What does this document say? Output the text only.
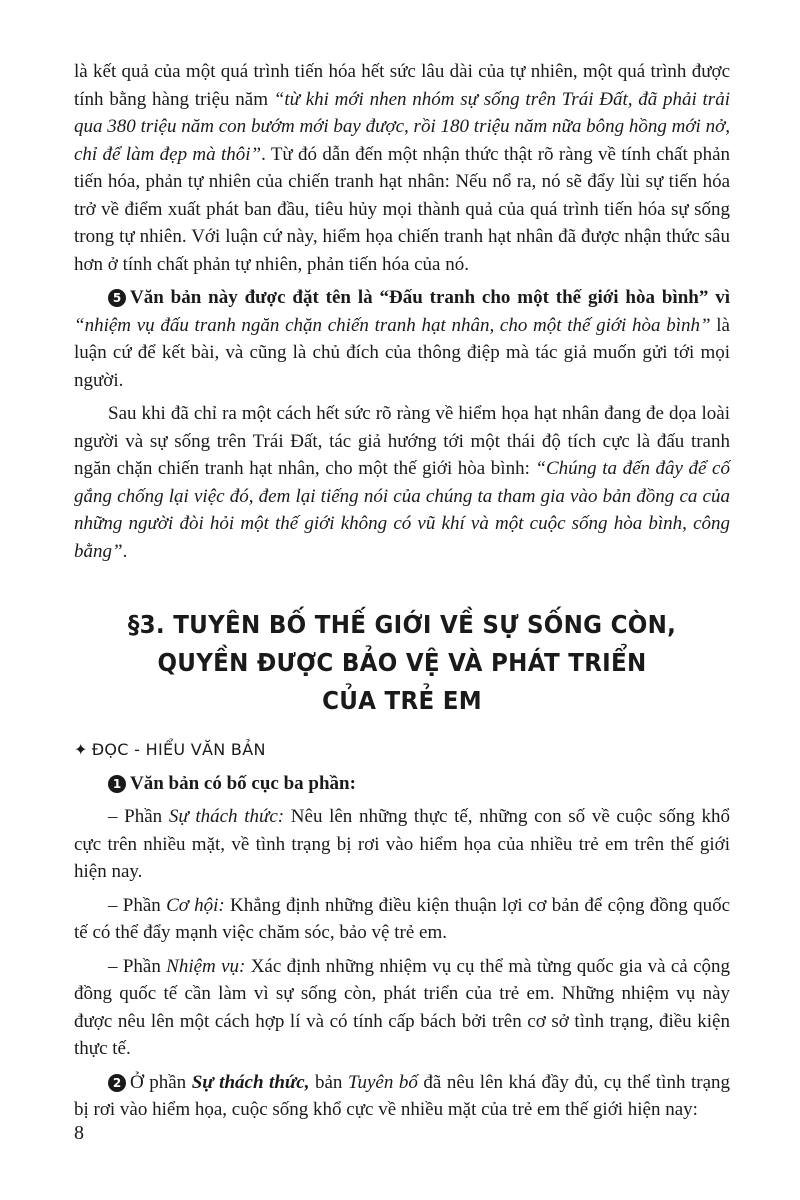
là kết quả của một quá trình tiến hóa hết sức lâu dài của tự nhiên, một quá trình được tính bằng hàng triệu năm “từ khi mới nhen nhóm sự sống trên Trái Đất, đã phải trải qua 380 triệu năm con bướm mới bay được, rồi 180 triệu năm nữa bông hồng mới nở, chỉ để làm đẹp mà thôi”. Từ đó dẫn đến một nhận thức thật rõ ràng về tính chất phản tiến hóa, phản tự nhiên của chiến tranh hạt nhân: Nếu nổ ra, nó sẽ đẩy lùi sự tiến hóa trở về điểm xuất phát ban đầu, tiêu hủy mọi thành quả của quá trình tiến hóa sự sống trong tự nhiên. Với luận cứ này, hiểm họa chiến tranh hạt nhân đã được nhận thức sâu hơn ở tính chất phản tự nhiên, phản tiến hóa của nó.

5 Văn bản này được đặt tên là “Đấu tranh cho một thế giới hòa bình” vì “nhiệm vụ đấu tranh ngăn chặn chiến tranh hạt nhân, cho một thế giới hòa bình” là luận cứ để kết bài, và cũng là chủ đích của thông điệp mà tác giả muốn gửi tới mọi người.

Sau khi đã chỉ ra một cách hết sức rõ ràng về hiểm họa hạt nhân đang đe dọa loài người và sự sống trên Trái Đất, tác giả hướng tới một thái độ tích cực là đấu tranh ngăn chặn chiến tranh hạt nhân, cho một thế giới hòa bình: “Chúng ta đến đây để cố gắng chống lại việc đó, đem lại tiếng nói của chúng ta tham gia vào bản đồng ca của những người đòi hỏi một thế giới không có vũ khí và một cuộc sống hòa bình, công bằng”.

§3. TUYÊN BỐ THẾ GIỚI VỀ SỰ SỐNG CÒN,
QUYỀN ĐƯỢC BẢO VỆ VÀ PHÁT TRIỂN
CỦA TRẺ EM

✦ ĐỌC - HIỂU VĂN BẢN

1 Văn bản có bố cục ba phần:

– Phần Sự thách thức: Nêu lên những thực tế, những con số về cuộc sống khổ cực trên nhiều mặt, về tình trạng bị rơi vào hiểm họa của nhiều trẻ em trên thế giới hiện nay.

– Phần Cơ hội: Khẳng định những điều kiện thuận lợi cơ bản để cộng đồng quốc tế có thể đẩy mạnh việc chăm sóc, bảo vệ trẻ em.

– Phần Nhiệm vụ: Xác định những nhiệm vụ cụ thể mà từng quốc gia và cả cộng đồng quốc tế cần làm vì sự sống còn, phát triển của trẻ em. Những nhiệm vụ này được nêu lên một cách hợp lí và có tính cấp bách bởi trên cơ sở tình trạng, điều kiện thực tế.

2 Ở phần Sự thách thức, bản Tuyên bố đã nêu lên khá đầy đủ, cụ thể tình trạng bị rơi vào hiểm họa, cuộc sống khổ cực về nhiều mặt của trẻ em thế giới hiện nay:

8
